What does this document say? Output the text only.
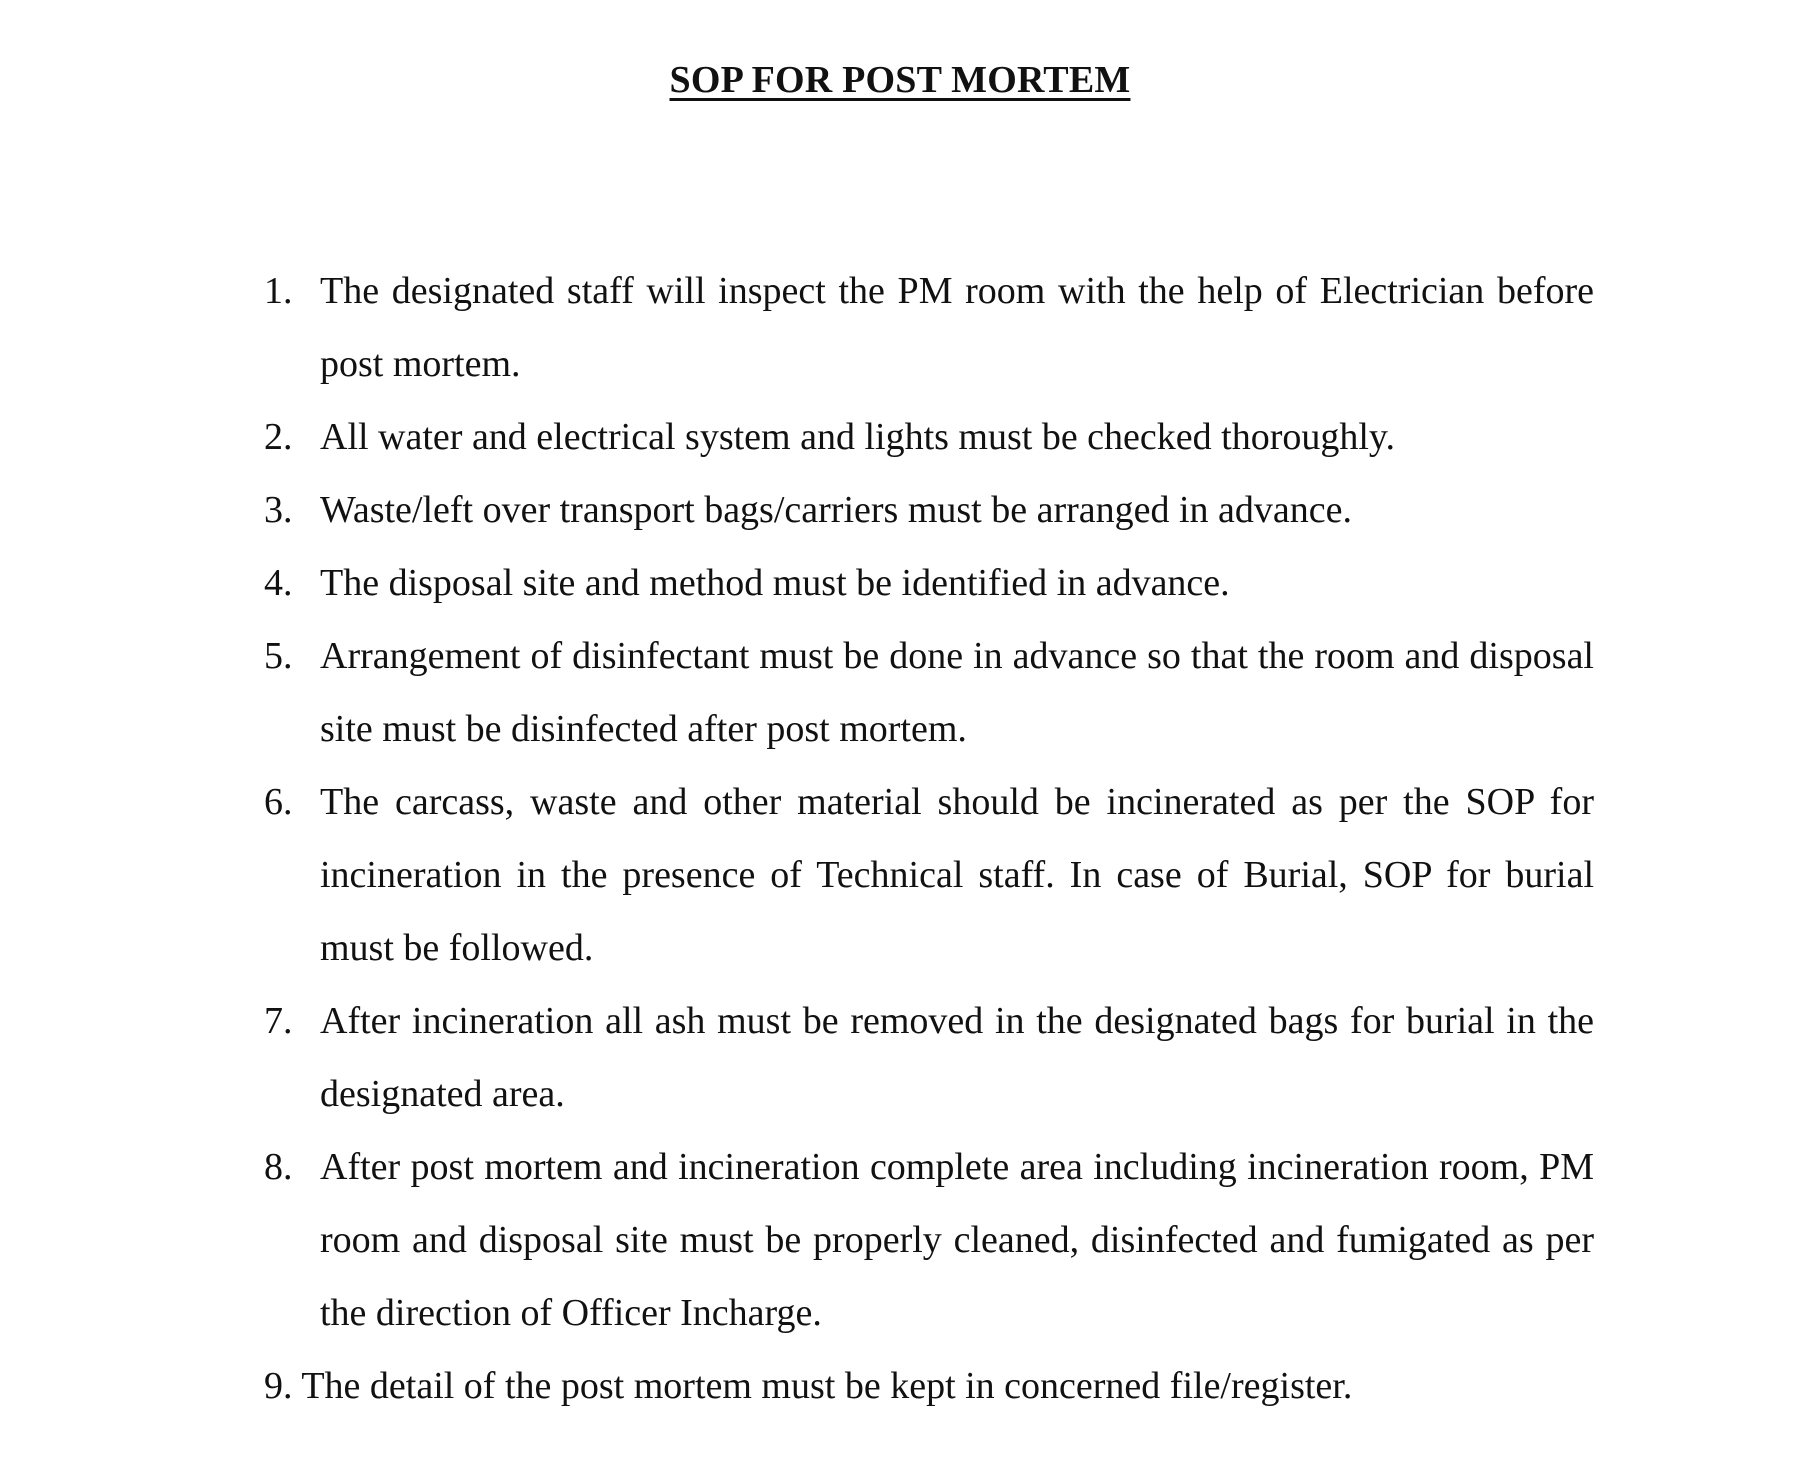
SOP FOR POST MORTEM
1. The designated staff will inspect the PM room with the help of Electrician before post mortem.
2. All water and electrical system and lights must be checked thoroughly.
3. Waste/left over transport bags/carriers must be arranged in advance.
4. The disposal site and method must be identified in advance.
5. Arrangement of disinfectant must be done in advance so that the room and disposal site must be disinfected after post mortem.
6. The carcass, waste and other material should be incinerated as per the SOP for incineration in the presence of Technical staff. In case of Burial, SOP for burial must be followed.
7. After incineration all ash must be removed in the designated bags for burial in the designated area.
8. After post mortem and incineration complete area including incineration room, PM room and disposal site must be properly cleaned, disinfected and fumigated as per the direction of Officer Incharge.
9. The detail of the post mortem must be kept in concerned file/register.
